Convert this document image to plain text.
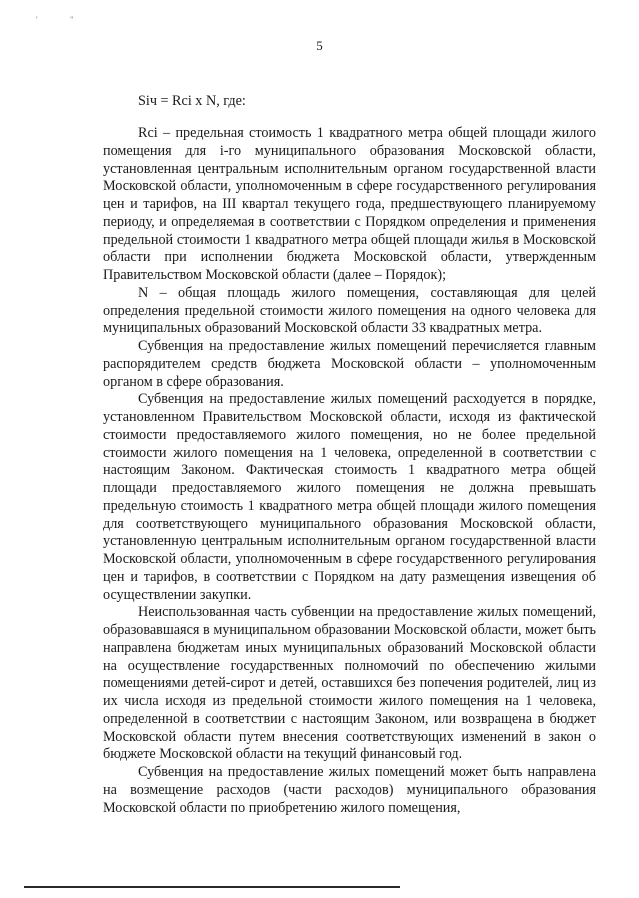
'	"
5
Siч = Rci x N, где:

Rci – предельная стоимость 1 квадратного метра общей площади жилого помещения для i-го муниципального образования Московской области, установленная центральным исполнительным органом государственной власти Московской области, уполномоченным в сфере государственного регулирования цен и тарифов, на III квартал текущего года, предшествующего планируемому периоду, и определяемая в соответствии с Порядком определения и применения предельной стоимости 1 квадратного метра общей площади жилья в Московской области при исполнении бюджета Московской области, утвержденным Правительством Московской области (далее – Порядок);

N – общая площадь жилого помещения, составляющая для целей определения предельной стоимости жилого помещения на одного человека для муниципальных образований Московской области 33 квадратных метра.

Субвенция на предоставление жилых помещений перечисляется главным распорядителем средств бюджета Московской области – уполномоченным органом в сфере образования.

Субвенция на предоставление жилых помещений расходуется в порядке, установленном Правительством Московской области, исходя из фактической стоимости предоставляемого жилого помещения, но не более предельной стоимости жилого помещения на 1 человека, определенной в соответствии с настоящим Законом. Фактическая стоимость 1 квадратного метра общей площади предоставляемого жилого помещения не должна превышать предельную стоимость 1 квадратного метра общей площади жилого помещения для соответствующего муниципального образования Московской области, установленную центральным исполнительным органом государственной власти Московской области, уполномоченным в сфере государственного регулирования цен и тарифов, в соответствии с Порядком на дату размещения извещения об осуществлении закупки.

Неиспользованная часть субвенции на предоставление жилых помещений, образовавшаяся в муниципальном образовании Московской области, может быть направлена бюджетам иных муниципальных образований Московской области на осуществление государственных полномочий по обеспечению жилыми помещениями детей-сирот и детей, оставшихся без попечения родителей, лиц из их числа исходя из предельной стоимости жилого помещения на 1 человека, определенной в соответствии с настоящим Законом, или возвращена в бюджет Московской области путем внесения соответствующих изменений в закон о бюджете Московской области на текущий финансовый год.

Субвенция на предоставление жилых помещений может быть направлена на возмещение расходов (части расходов) муниципального образования Московской области по приобретению жилого помещения,
